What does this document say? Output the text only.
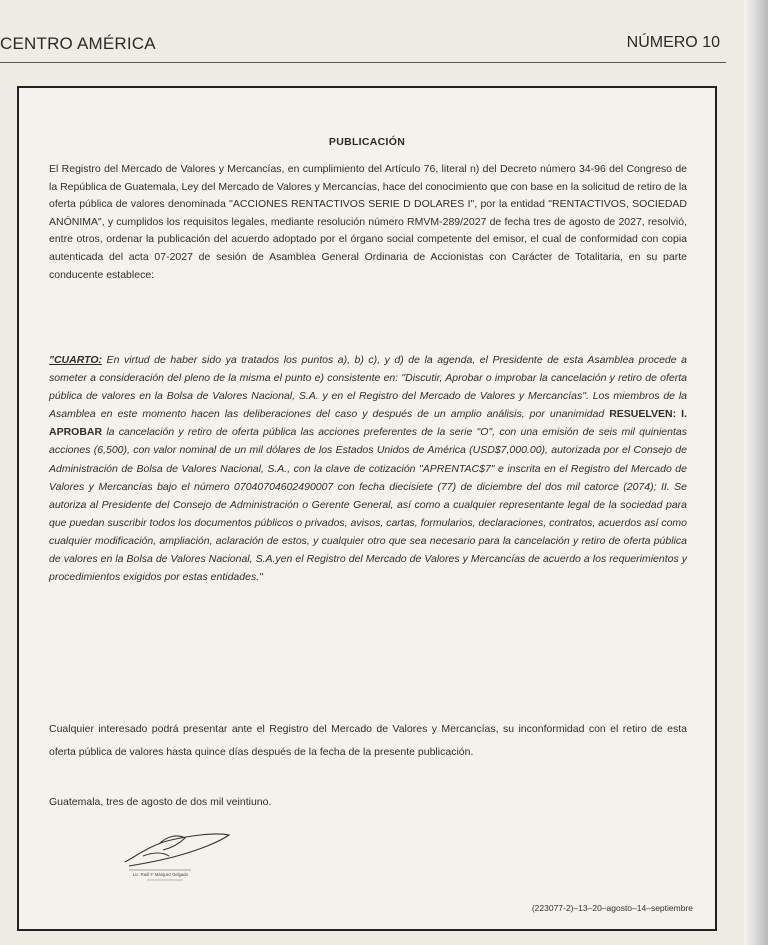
CENTRO AMÉRICA	NÚMERO 10
PUBLICACIÓN
El Registro del Mercado de Valores y Mercancías, en cumplimiento del Artículo 76, literal n) del Decreto número 34-96 del Congreso de la República de Guatemala, Ley del Mercado de Valores y Mercancías, hace del conocimiento que con base en la solicitud de retiro de la oferta pública de valores denominada "ACCIONES RENTACTIVOS SERIE D DOLARES I", por la entidad "RENTACTIVOS, SOCIEDAD ANÓNIMA", y cumplidos los requisitos legales, mediante resolución número RMVM-289/2027 de fecha tres de agosto de 2027, resolvió, entre otros, ordenar la publicación del acuerdo adoptado por el órgano social competente del emisor, el cual de conformidad con copia autenticada del acta 07-2027 de sesión de Asamblea General Ordinaria de Accionistas con Carácter de Totalitaria, en su parte conducente establece:
"CUARTO: En virtud de haber sido ya tratados los puntos a), b) c), y d) de la agenda, el Presidente de esta Asamblea procede a someter a consideración del pleno de la misma el punto e) consistente en: "Discutir, Aprobar o improbar la cancelación y retiro de oferta pública de valores en la Bolsa de Valores Nacional, S.A. y en el Registro del Mercado de Valores y Mercancías". Los miembros de la Asamblea en este momento hacen las deliberaciones del caso y después de un amplio análisis, por unanimidad RESUELVEN: I. APROBAR la cancelación y retiro de oferta pública las acciones preferentes de la serie "O", con una emisión de seis mil quinientas acciones (6,500), con valor nominal de un mil dólares de los Estados Unidos de América (USD$7,000.00), autorizada por el Consejo de Administración de Bolsa de Valores Nacional, S.A., con la clave de cotización "APRENTAC$7" e inscrita en el Registro del Mercado de Valores y Mercancías bajo el número 07040704602490007 con fecha diecisiete (77) de diciembre del dos mil catorce (2074); II. Se autoriza al Presidente del Consejo de Administración o Gerente General, así como a cualquier representante legal de la sociedad para que puedan suscribir todos los documentos públicos o privados, avisos, cartas, formularios, declaraciones, contratos, acuerdos así como cualquier modificación, ampliación, aclaración de estos, y cualquier otro que sea necesario para la cancelación y retiro de oferta pública de valores en la Bolsa de Valores Nacional, S.A.yen el Registro del Mercado de Valores y Mercancías de acuerdo a los requerimientos y procedimientos exigidos por estas entidades."
Cualquier interesado podrá presentar ante el Registro del Mercado de Valores y Mercancías, su inconformidad con el retiro de esta oferta pública de valores hasta quince días después de la fecha de la presente publicación.
Guatemala, tres de agosto de dos mil veintiuno.
Lic. Raúl F. Márquez Delgado
(223077-2)–13–20–agosto–14–septiembre
